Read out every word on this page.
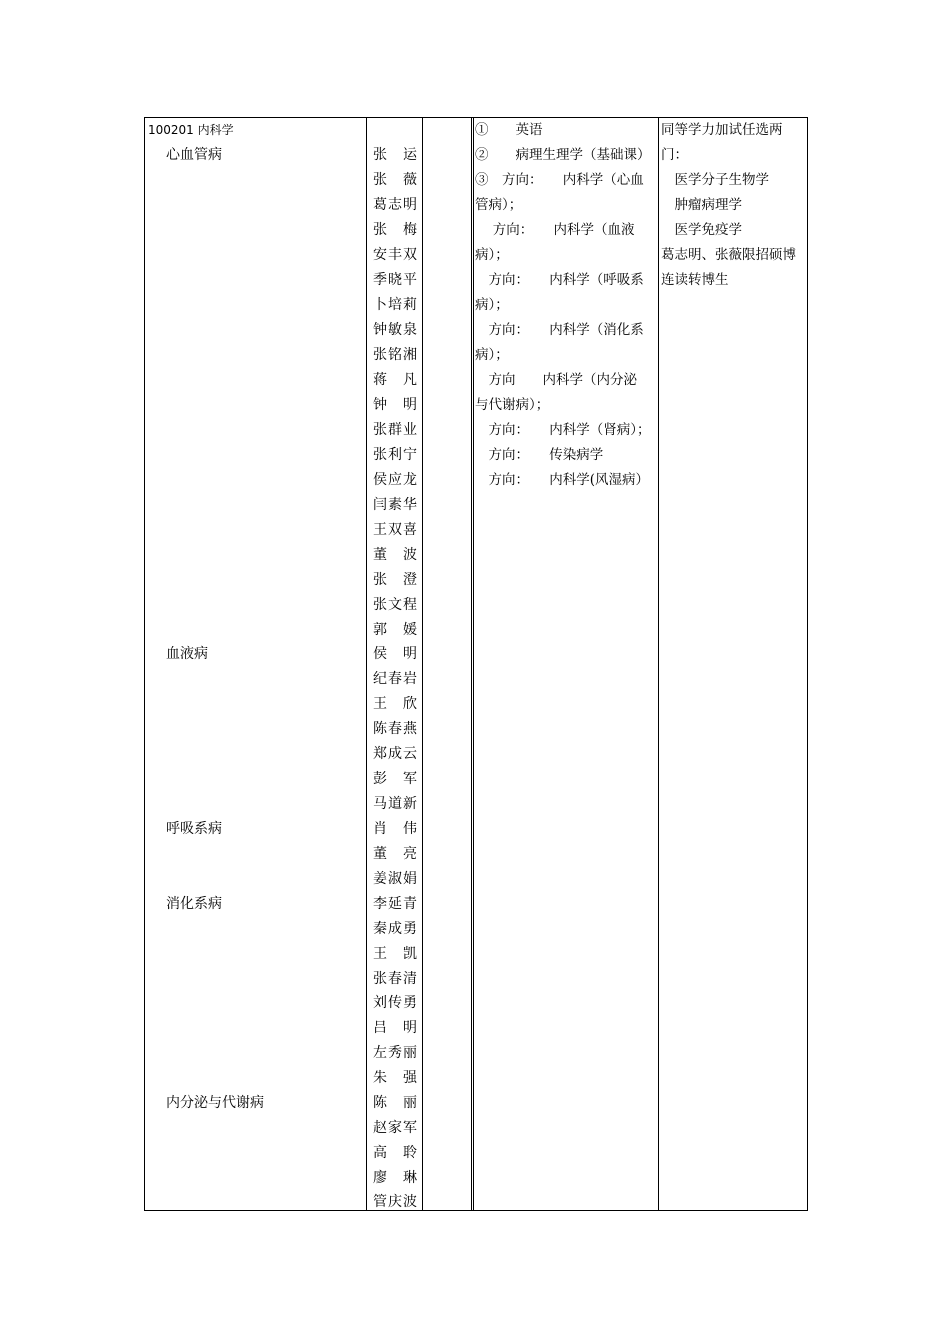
100201 内科学
心血管病
血液病
呼吸系病
消化系病
内分泌与代谢病
张运
张薇
葛志明
张梅
安丰双
季晓平
卜培莉
钟敏泉
张铭湘
蒋凡
钟明
张群业
张利宁
侯应龙
闫素华
王双喜
董波
张澄
张文程
郭媛
侯明
纪春岩
王欣
陈春燕
郑成云
彭军
马道新
肖伟
董亮
姜淑娟
李延青
秦成勇
王凯
张春清
刘传勇
吕明
左秀丽
朱强
陈丽
赵家军
高聆
廖琳
管庆波
①　　英语
②　　病理生理学（基础课）
③　方向：　　内科学（心血
管病）；
　 方向：　　内科学（血液
病）；
　方向：　　内科学（呼吸系
病）；
　方向：　　内科学（消化系
病）；
　方向　　内科学（内分泌
与代谢病）；
　方向：　　内科学（肾病）；
　方向：　　传染病学
　方向：　　内科学(风湿病）
同等学力加试任选两
门：
　医学分子生物学
　肿瘤病理学
　医学免疫学
葛志明、张薇限招硕博
连读转博生
